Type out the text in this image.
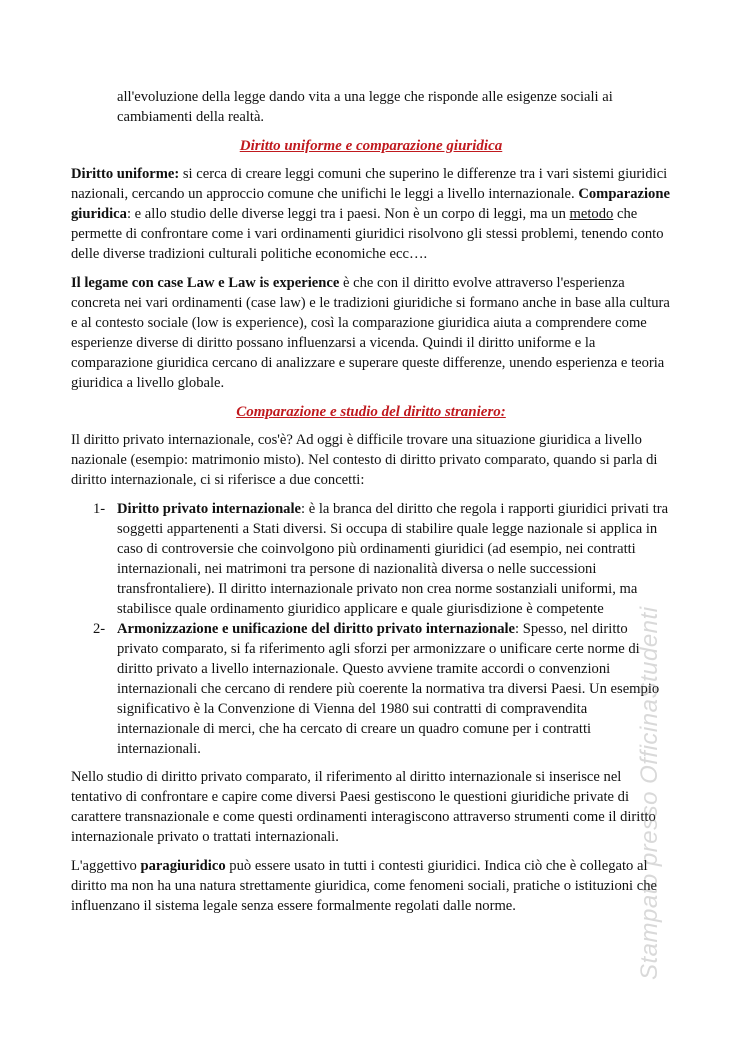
all'evoluzione della legge dando vita a una legge che risponde alle esigenze sociali ai cambiamenti della realtà.

Diritto uniforme e comparazione giuridica

Diritto uniforme: si cerca di creare leggi comuni che superino le differenze tra i vari sistemi giuridici nazionali, cercando un approccio comune che unifichi le leggi a livello internazionale. Comparazione giuridica: e allo studio delle diverse leggi tra i paesi. Non è un corpo di leggi, ma un metodo che permette di confrontare come i vari ordinamenti giuridici risolvono gli stessi problemi, tenendo conto delle diverse tradizioni culturali politiche economiche ecc….

Il legame con case Law e Law is experience è che con il diritto evolve attraverso l'esperienza concreta nei vari ordinamenti (case law) e le tradizioni giuridiche si formano anche in base alla cultura e al contesto sociale (low is experience), così la comparazione giuridica aiuta a comprendere come esperienze diverse di diritto possano influenzarsi a vicenda. Quindi il diritto uniforme e la comparazione giuridica cercano di analizzare e superare queste differenze, unendo esperienza e teoria giuridica a livello globale.

Comparazione e studio del diritto straniero:

Il diritto privato internazionale, cos'è? Ad oggi è difficile trovare una situazione giuridica a livello nazionale (esempio: matrimonio misto). Nel contesto di diritto privato comparato, quando si parla di diritto internazionale, ci si riferisce a due concetti:

1- Diritto privato internazionale: è la branca del diritto che regola i rapporti giuridici privati tra soggetti appartenenti a Stati diversi. Si occupa di stabilire quale legge nazionale si applica in caso di controversie che coinvolgono più ordinamenti giuridici (ad esempio, nei contratti internazionali, nei matrimoni tra persone di nazionalità diversa o nelle successioni transfrontaliere). Il diritto internazionale privato non crea norme sostanziali uniformi, ma stabilisce quale ordinamento giuridico applicare e quale giurisdizione è competente

2- Armonizzazione e unificazione del diritto privato internazionale: Spesso, nel diritto privato comparato, si fa riferimento agli sforzi per armonizzare o unificare certe norme di diritto privato a livello internazionale. Questo avviene tramite accordi o convenzioni internazionali che cercano di rendere più coerente la normativa tra diversi Paesi. Un esempio significativo è la Convenzione di Vienna del 1980 sui contratti di compravendita internazionale di merci, che ha cercato di creare un quadro comune per i contratti internazionali.

Nello studio di diritto privato comparato, il riferimento al diritto internazionale si inserisce nel tentativo di confrontare e capire come diversi Paesi gestiscono le questioni giuridiche private di carattere transnazionale e come questi ordinamenti interagiscono attraverso strumenti come il diritto internazionale privato o trattati internazionali.

L'aggettivo paragiuridico può essere usato in tutti i contesti giuridici. Indica ciò che è collegato al diritto ma non ha una natura strettamente giuridica, come fenomeni sociali, pratiche o istituzioni che influenzano il sistema legale senza essere formalmente regolati dalle norme.	Stampato presso OfficinaStudenti
